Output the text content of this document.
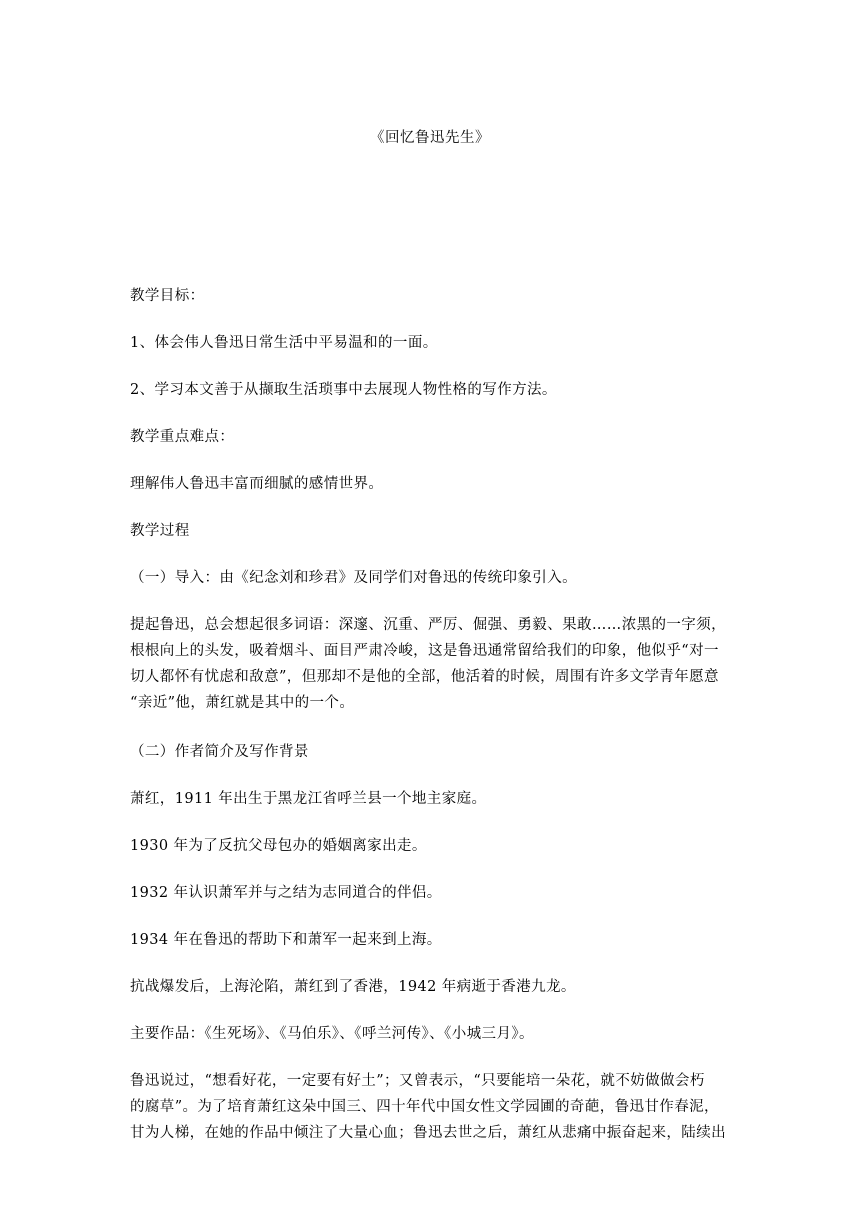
《回忆鲁迅先生》
教学目标：
1、体会伟人鲁迅日常生活中平易温和的一面。
2、学习本文善于从撷取生活琐事中去展现人物性格的写作方法。
教学重点难点：
理解伟人鲁迅丰富而细腻的感情世界。
教学过程
（一）导入：由《纪念刘和珍君》及同学们对鲁迅的传统印象引入。
提起鲁迅，总会想起很多词语：深邃、沉重、严厉、倔强、勇毅、果敢……浓黑的一字须，
根根向上的头发，吸着烟斗、面目严肃冷峻，这是鲁迅通常留给我们的印象，他似乎“对一
切人都怀有忧虑和敌意”，但那却不是他的全部，他活着的时候，周围有许多文学青年愿意
“亲近”他，萧红就是其中的一个。
（二）作者简介及写作背景
萧红，1911 年出生于黑龙江省呼兰县一个地主家庭。
1930 年为了反抗父母包办的婚姻离家出走。
1932 年认识萧军并与之结为志同道合的伴侣。
1934 年在鲁迅的帮助下和萧军一起来到上海。
抗战爆发后，上海沦陷，萧红到了香港，1942 年病逝于香港九龙。
主要作品：《生死场》、《马伯乐》、《呼兰河传》、《小城三月》。
鲁迅说过，“想看好花，一定要有好土”；又曾表示，“只要能培一朵花，就不妨做做会朽
的腐草”。为了培育萧红这朵中国三、四十年代中国女性文学园圃的奇葩，鲁迅甘作春泥，
甘为人梯，在她的作品中倾注了大量心血；鲁迅去世之后，萧红从悲痛中振奋起来，陆续出
